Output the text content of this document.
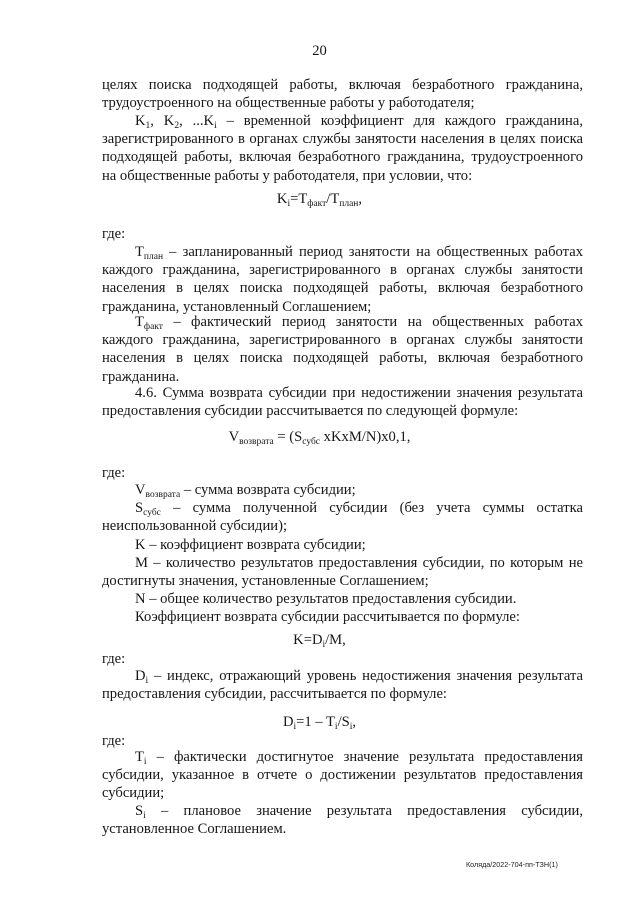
20

целях поиска подходящей работы, включая безработного гражданина, трудоустроенного на общественные работы у работодателя;

$K_1$, $K_2$, $...K_i$ – временной коэффициент для каждого гражданина, зарегистрированного в органах службы занятости населения в целях поиска подходящей работы, включая безработного гражданина, трудоустроенного на общественные работы у работодателя, при условии, что:

$K_i=T_{факт}/T_{план}$,
где:

$T_{план}$ – запланированный период занятости на общественных работах каждого гражданина, зарегистрированного в органах службы занятости населения в целях поиска подходящей работы, включая безработного гражданина, установленный Соглашением;

$T_{факт}$ – фактический период занятости на общественных работах каждого гражданина, зарегистрированного в органах службы занятости населения в целях поиска подходящей работы, включая безработного гражданина.

4.6. Сумма возврата субсидии при недостижении значения результата предоставления субсидии рассчитывается по следующей формуле:

$V_{возврата} = (S_{субс}$ xKxM/N)x0,1,
где:

$V_{возврата}$ – сумма возврата субсидии;

$S_{субс}$ – сумма полученной субсидии (без учета суммы остатка неиспользованной субсидии);

K – коэффициент возврата субсидии;

M – количество результатов предоставления субсидии, по которым не достигнуты значения, установленные Соглашением;

N – общее количество результатов предоставления субсидии.

Коэффициент возврата субсидии рассчитывается по формуле:

$K=D_i/M$,
где:

$D_i$ – индекс, отражающий уровень недостижения значения результата предоставления субсидии, рассчитывается по формуле:

$D_i=1 - T_i/S_i$,
где:

$T_i$ – фактически достигнутое значение результата предоставления субсидии, указанное в отчете о достижении результатов предоставления субсидии;

$S_i$ – плановое значение результата предоставления субсидии, установленное Соглашением.

Коляда/2022-704-пп-ТЗН(1)
